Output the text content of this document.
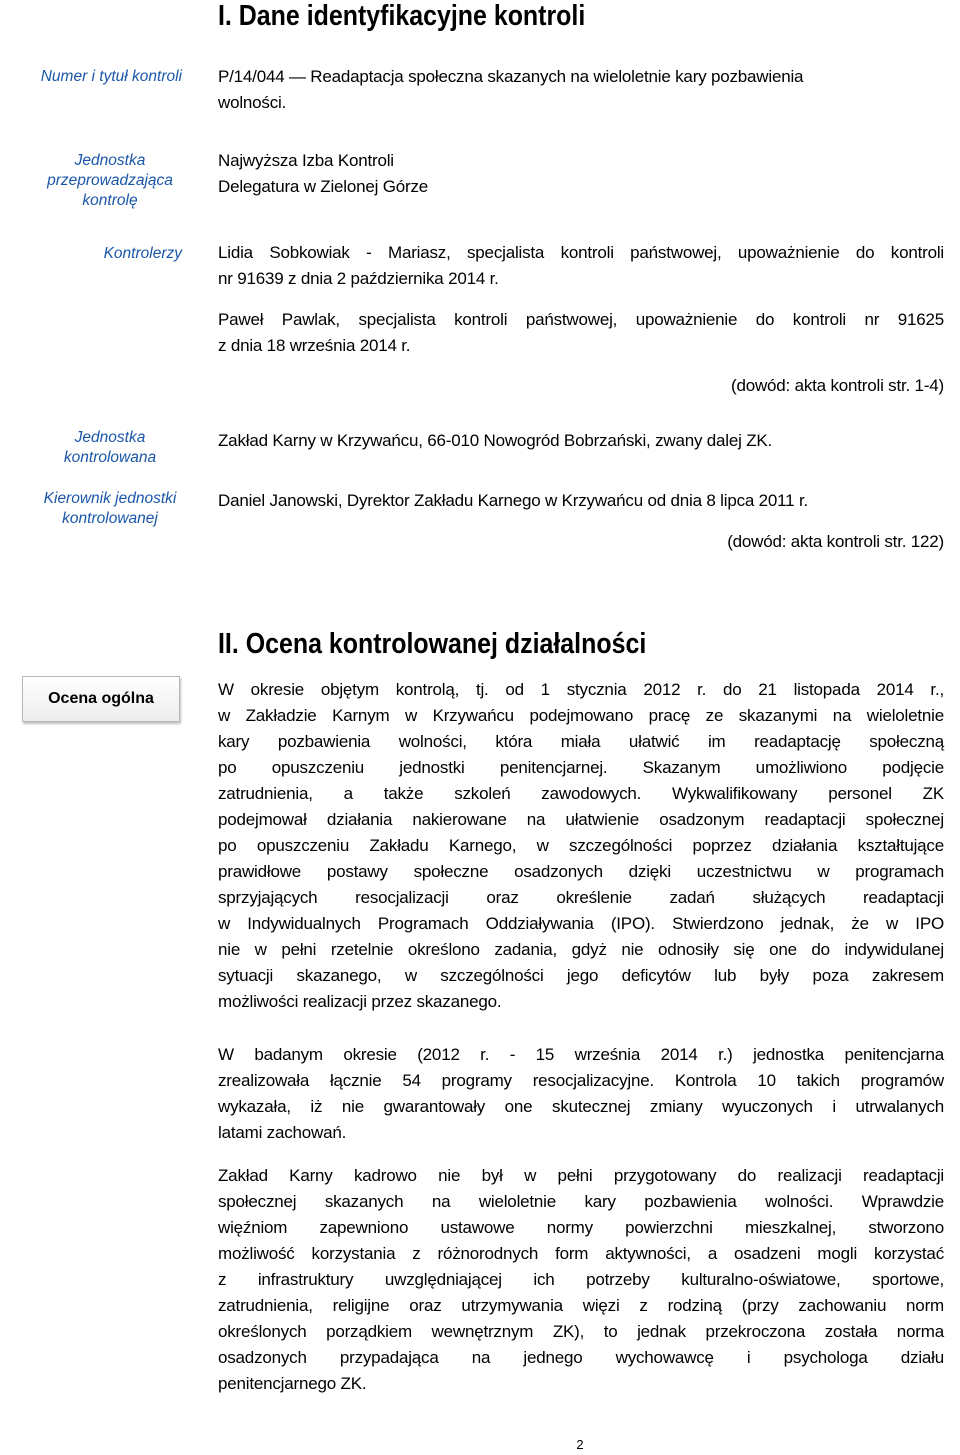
I. Dane identyfikacyjne kontroli
Numer i tytuł kontroli P/14/044 — Readaptacja społeczna skazanych na wieloletnie kary pozbawienia
wolności.
Jednostka
przeprowadzająca
kontrolę
Najwyższa Izba Kontroli
Delegatura w Zielonej Górze
Kontrolerzy Lidia Sobkowiak - Mariasz, specjalista kontroli państwowej, upoważnienie do kontroli
nr 91639 z dnia 2 października 2014 r.
Paweł Pawlak, specjalista kontroli państwowej, upoważnienie do kontroli nr 91625
z dnia 18 września 2014 r.
(dowód: akta kontroli str. 1-4)
Jednostka
kontrolowana
Zakład Karny w Krzywańcu, 66-010 Nowogród Bobrzański, zwany dalej ZK.
Kierownik jednostki
kontrolowanej
Daniel Janowski, Dyrektor Zakładu Karnego w Krzywańcu od dnia 8 lipca 2011 r.
(dowód: akta kontroli str. 122)
II. Ocena kontrolowanej działalności
Ocena ogólna	W okresie objętym kontrolą, tj. od 1 stycznia 2012 r. do 21 listopada 2014 r.,
w Zakładzie Karnym w Krzywańcu podejmowano pracę ze skazanymi na wieloletnie
kary pozbawienia wolności, która miała ułatwić im readaptację społeczną
po opuszczeniu jednostki penitencjarnej. Skazanym umożliwiono podjęcie
zatrudnienia, a także szkoleń zawodowych. Wykwalifikowany personel ZK
podejmował działania nakierowane na ułatwienie osadzonym readaptacji społecznej
po opuszczeniu Zakładu Karnego, w szczególności poprzez działania kształtujące
prawidłowe postawy społeczne osadzonych dzięki uczestnictwu w programach
sprzyjających resocjalizacji oraz określenie zadań służących readaptacji
w Indywidualnych Programach Oddziaływania (IPO). Stwierdzono jednak, że w IPO
nie w pełni rzetelnie określono zadania, gdyż nie odnosiły się one do indywidulanej
sytuacji skazanego, w szczególności jego deficytów lub były poza zakresem
możliwości realizacji przez skazanego.
W badanym okresie (2012 r. - 15 września 2014 r.) jednostka penitencjarna
zrealizowała łącznie 54 programy resocjalizacyjne. Kontrola 10 takich programów
wykazała, iż nie gwarantowały one skutecznej zmiany wyuczonych i utrwalanych
latami zachowań.
Zakład Karny kadrowo nie był w pełni przygotowany do realizacji readaptacji
społecznej skazanych na wieloletnie kary pozbawienia wolności. Wprawdzie
więźniom zapewniono ustawowe normy powierzchni mieszkalnej, stworzono
możliwość korzystania z różnorodnych form aktywności, a osadzeni mogli korzystać
z infrastruktury uwzględniającej ich potrzeby kulturalno-oświatowe, sportowe,
zatrudnienia, religijne oraz utrzymywania więzi z rodziną (przy zachowaniu norm
określonych porządkiem wewnętrznym ZK), to jednak przekroczona została norma
osadzonych przypadająca na jednego wychowawcę i psychologa działu
penitencjarnego ZK.
2
